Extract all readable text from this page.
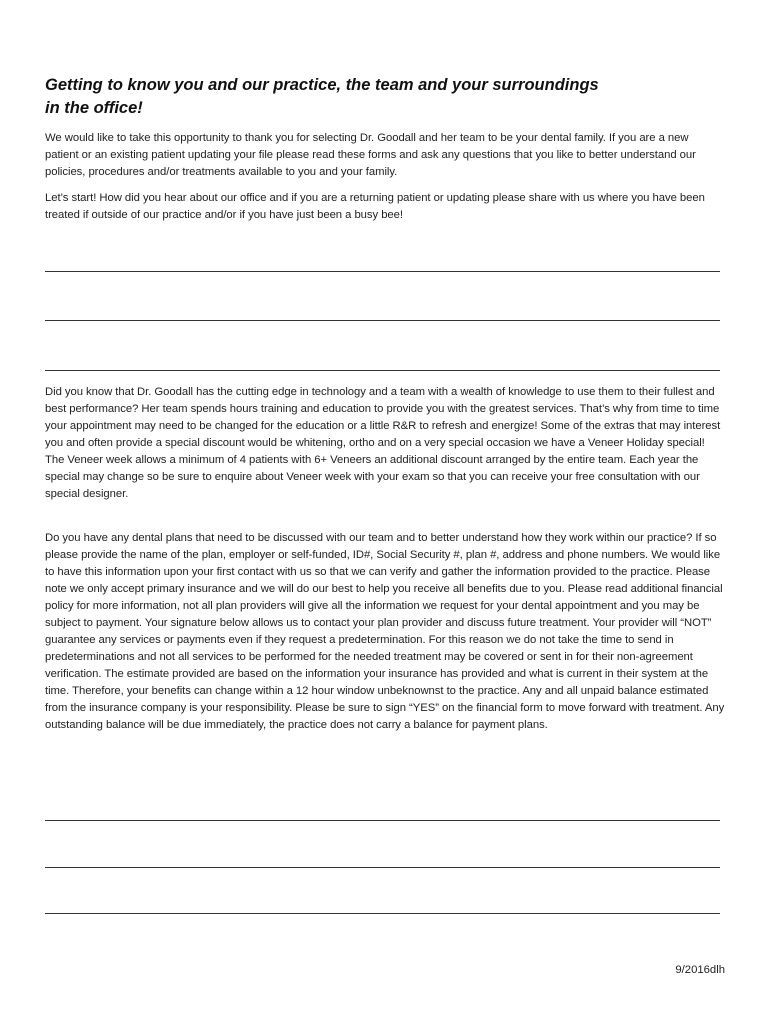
Getting to know you and our practice, the team and your surroundings
in the office!

We would like to take this opportunity to thank you for selecting Dr. Goodall and her team to be your dental family. If you are a new patient or an existing patient updating your file please read these forms and ask any questions that you like to better understand our policies, procedures and/or treatments available to you and your family.

Let’s start! How did you hear about our office and if you are a returning patient or updating please share with us where you have been treated if outside of our practice and/or if you have just been a busy bee!

Did you know that Dr. Goodall has the cutting edge in technology and a team with a wealth of knowledge to use them to their fullest and best performance? Her team spends hours training and education to provide you with the greatest services. That’s why from time to time your appointment may need to be changed for the education or a little R&R to refresh and energize! Some of the extras that may interest you and often provide a special discount would be whitening, ortho and on a very special occasion we have a Veneer Holiday special! The Veneer week allows a minimum of 4 patients with 6+ Veneers an additional discount arranged by the entire team. Each year the special may change so be sure to enquire about Veneer week with your exam so that you can receive your free consultation with our special designer.

Do you have any dental plans that need to be discussed with our team and to better understand how they work within our practice? If so please provide the name of the plan, employer or self-funded, ID#, Social Security #, plan #, address and phone numbers. We would like to have this information upon your first contact with us so that we can verify and gather the information provided to the practice. Please note we only accept primary insurance and we will do our best to help you receive all benefits due to you. Please read additional financial policy for more information, not all plan providers will give all the information we request for your dental appointment and you may be subject to payment. Your signature below allows us to contact your plan provider and discuss future treatment. Your provider will “NOT” guarantee any services or payments even if they request a predetermination. For this reason we do not take the time to send in predeterminations and not all services to be performed for the needed treatment may be covered or sent in for their non-agreement verification. The estimate provided are based on the information your insurance has provided and what is current in their system at the time. Therefore, your benefits can change within a 12 hour window unbeknownst to the practice. Any and all unpaid balance estimated from the insurance company is your responsibility. Please be sure to sign “YES” on the financial form to move forward with treatment. Any outstanding balance will be due immediately, the practice does not carry a balance for payment plans.

9/2016dlh
